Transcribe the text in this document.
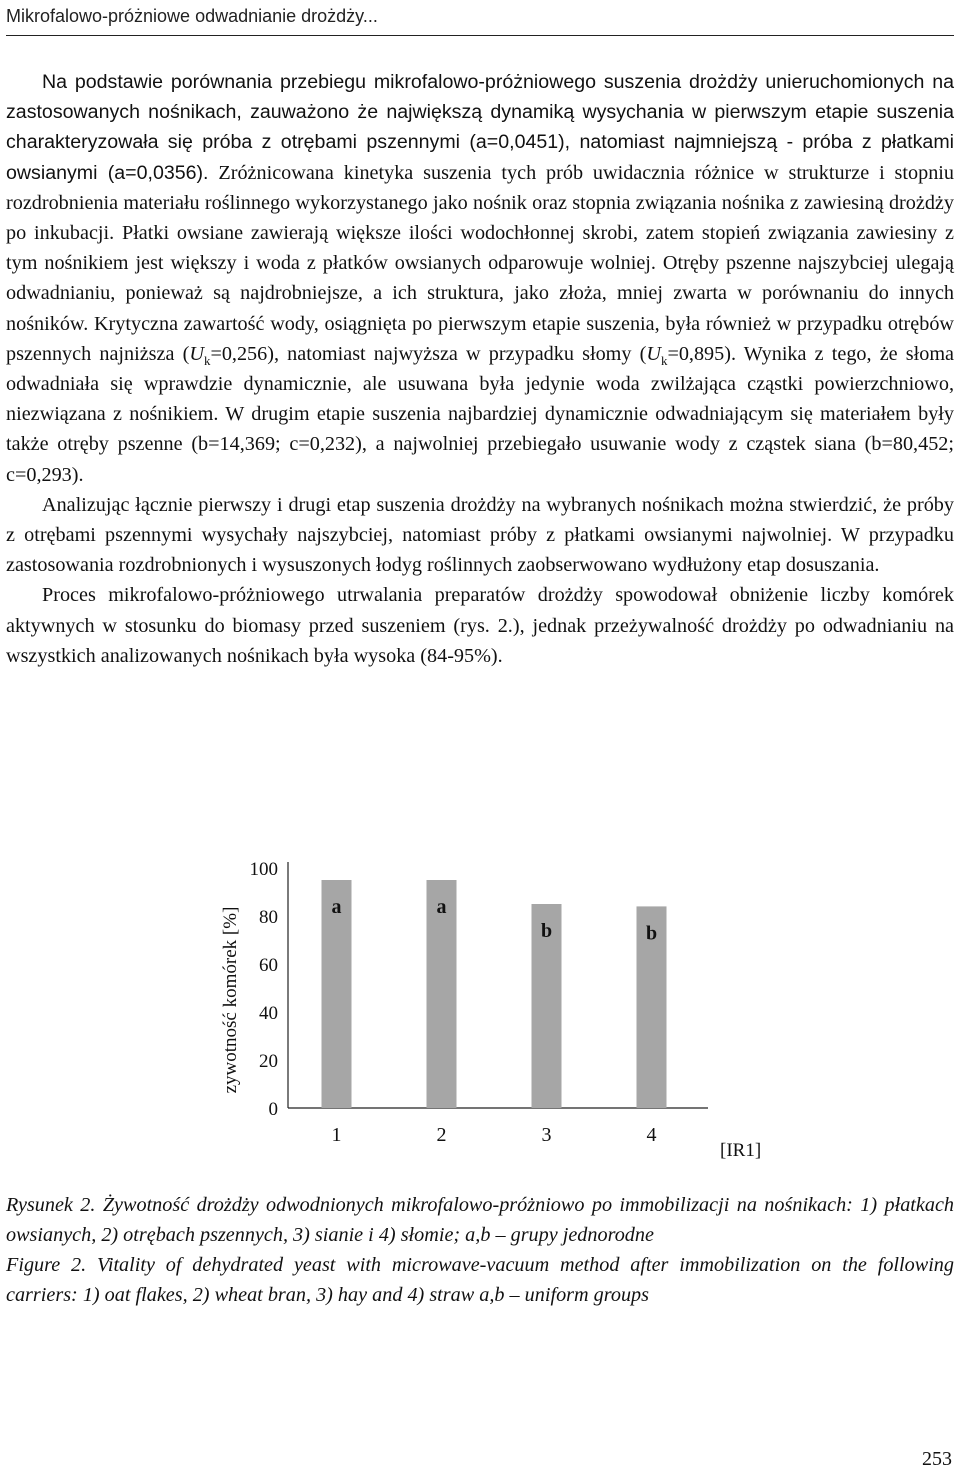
Mikrofalowo-próżniowe odwadnianie drożdży...

Na podstawie porównania przebiegu mikrofalowo-próżniowego suszenia drożdży unieruchomionych na zastosowanych nośnikach, zauważono że największą dynamiką wysychania w pierwszym etapie suszenia charakteryzowała się próba z otrębami pszennymi (a=0,0451), natomiast najmniejszą - próba z płatkami owsianymi (a=0,0356). Zróżnicowana kinetyka suszenia tych prób uwidacznia różnice w strukturze i stopniu rozdrobnienia materiału roślinnego wykorzystanego jako nośnik oraz stopnia związania nośnika z zawiesiną drożdży po inkubacji. Płatki owsiane zawierają większe ilości wodochłonnej skrobi, zatem stopień związania zawiesiny z tym nośnikiem jest większy i woda z płatków owsianych odparowuje wolniej. Otręby pszenne najszybciej ulegają odwadnianiu, ponieważ są najdrobniejsze, a ich struktura, jako złoża, mniej zwarta w porównaniu do innych nośników. Krytyczna zawartość wody, osiągnięta po pierwszym etapie suszenia, była również w przypadku otrębów pszennych najniższa $(U_k=0,256)$, natomiast najwyższa w przypadku słomy $(U_k=0,895)$. Wynika z tego, że słoma odwadniała się wprawdzie dynamicznie, ale usuwana była jedynie woda zwilżająca cząstki powierzchniowo, niezwiązana z nośnikiem. W drugim etapie suszenia najbardziej dynamicznie odwadniającym się materiałem były także otręby pszenne (b=14,369; c=0,232), a najwolniej przebiegało usuwanie wody z cząstek siana (b=80,452; c=0,293).

Analizując łącznie pierwszy i drugi etap suszenia drożdży na wybranych nośnikach można stwierdzić, że próby z otrębami pszennymi wysychały najszybciej, natomiast próby z płatkami owsianymi najwolniej. W przypadku zastosowania rozdrobnionych i wysuszonych łodyg roślinnych zaobserwowano wydłużony etap dosuszania.

Proces mikrofalowo-próżniowego utrwalania preparatów drożdży spowodował obniżenie liczby komórek aktywnych w stosunku do biomasy przed suszeniem (rys. 2.), jednak przeżywalność drożdży po odwadnianiu na wszystkich analizowanych nośnikach była wysoka (84-95%).

0
20
40
60
80
100
a
1
a
2
b
3
b
4
zywotność komórek [%]
[IR1]

Rysunek 2. Żywotność drożdży odwodnionych mikrofalowo-próżniowo po immobilizacji na nośnikach: 1) płatkach owsianych, 2) otrębach pszennych, 3) sianie i 4) słomie; a,b – grupy jednorodne

Figure 2. Vitality of dehydrated yeast with microwave-vacuum method after immobilization on the following carriers: 1) oat flakes, 2) wheat bran, 3) hay and 4) straw a,b – uniform groups

253
